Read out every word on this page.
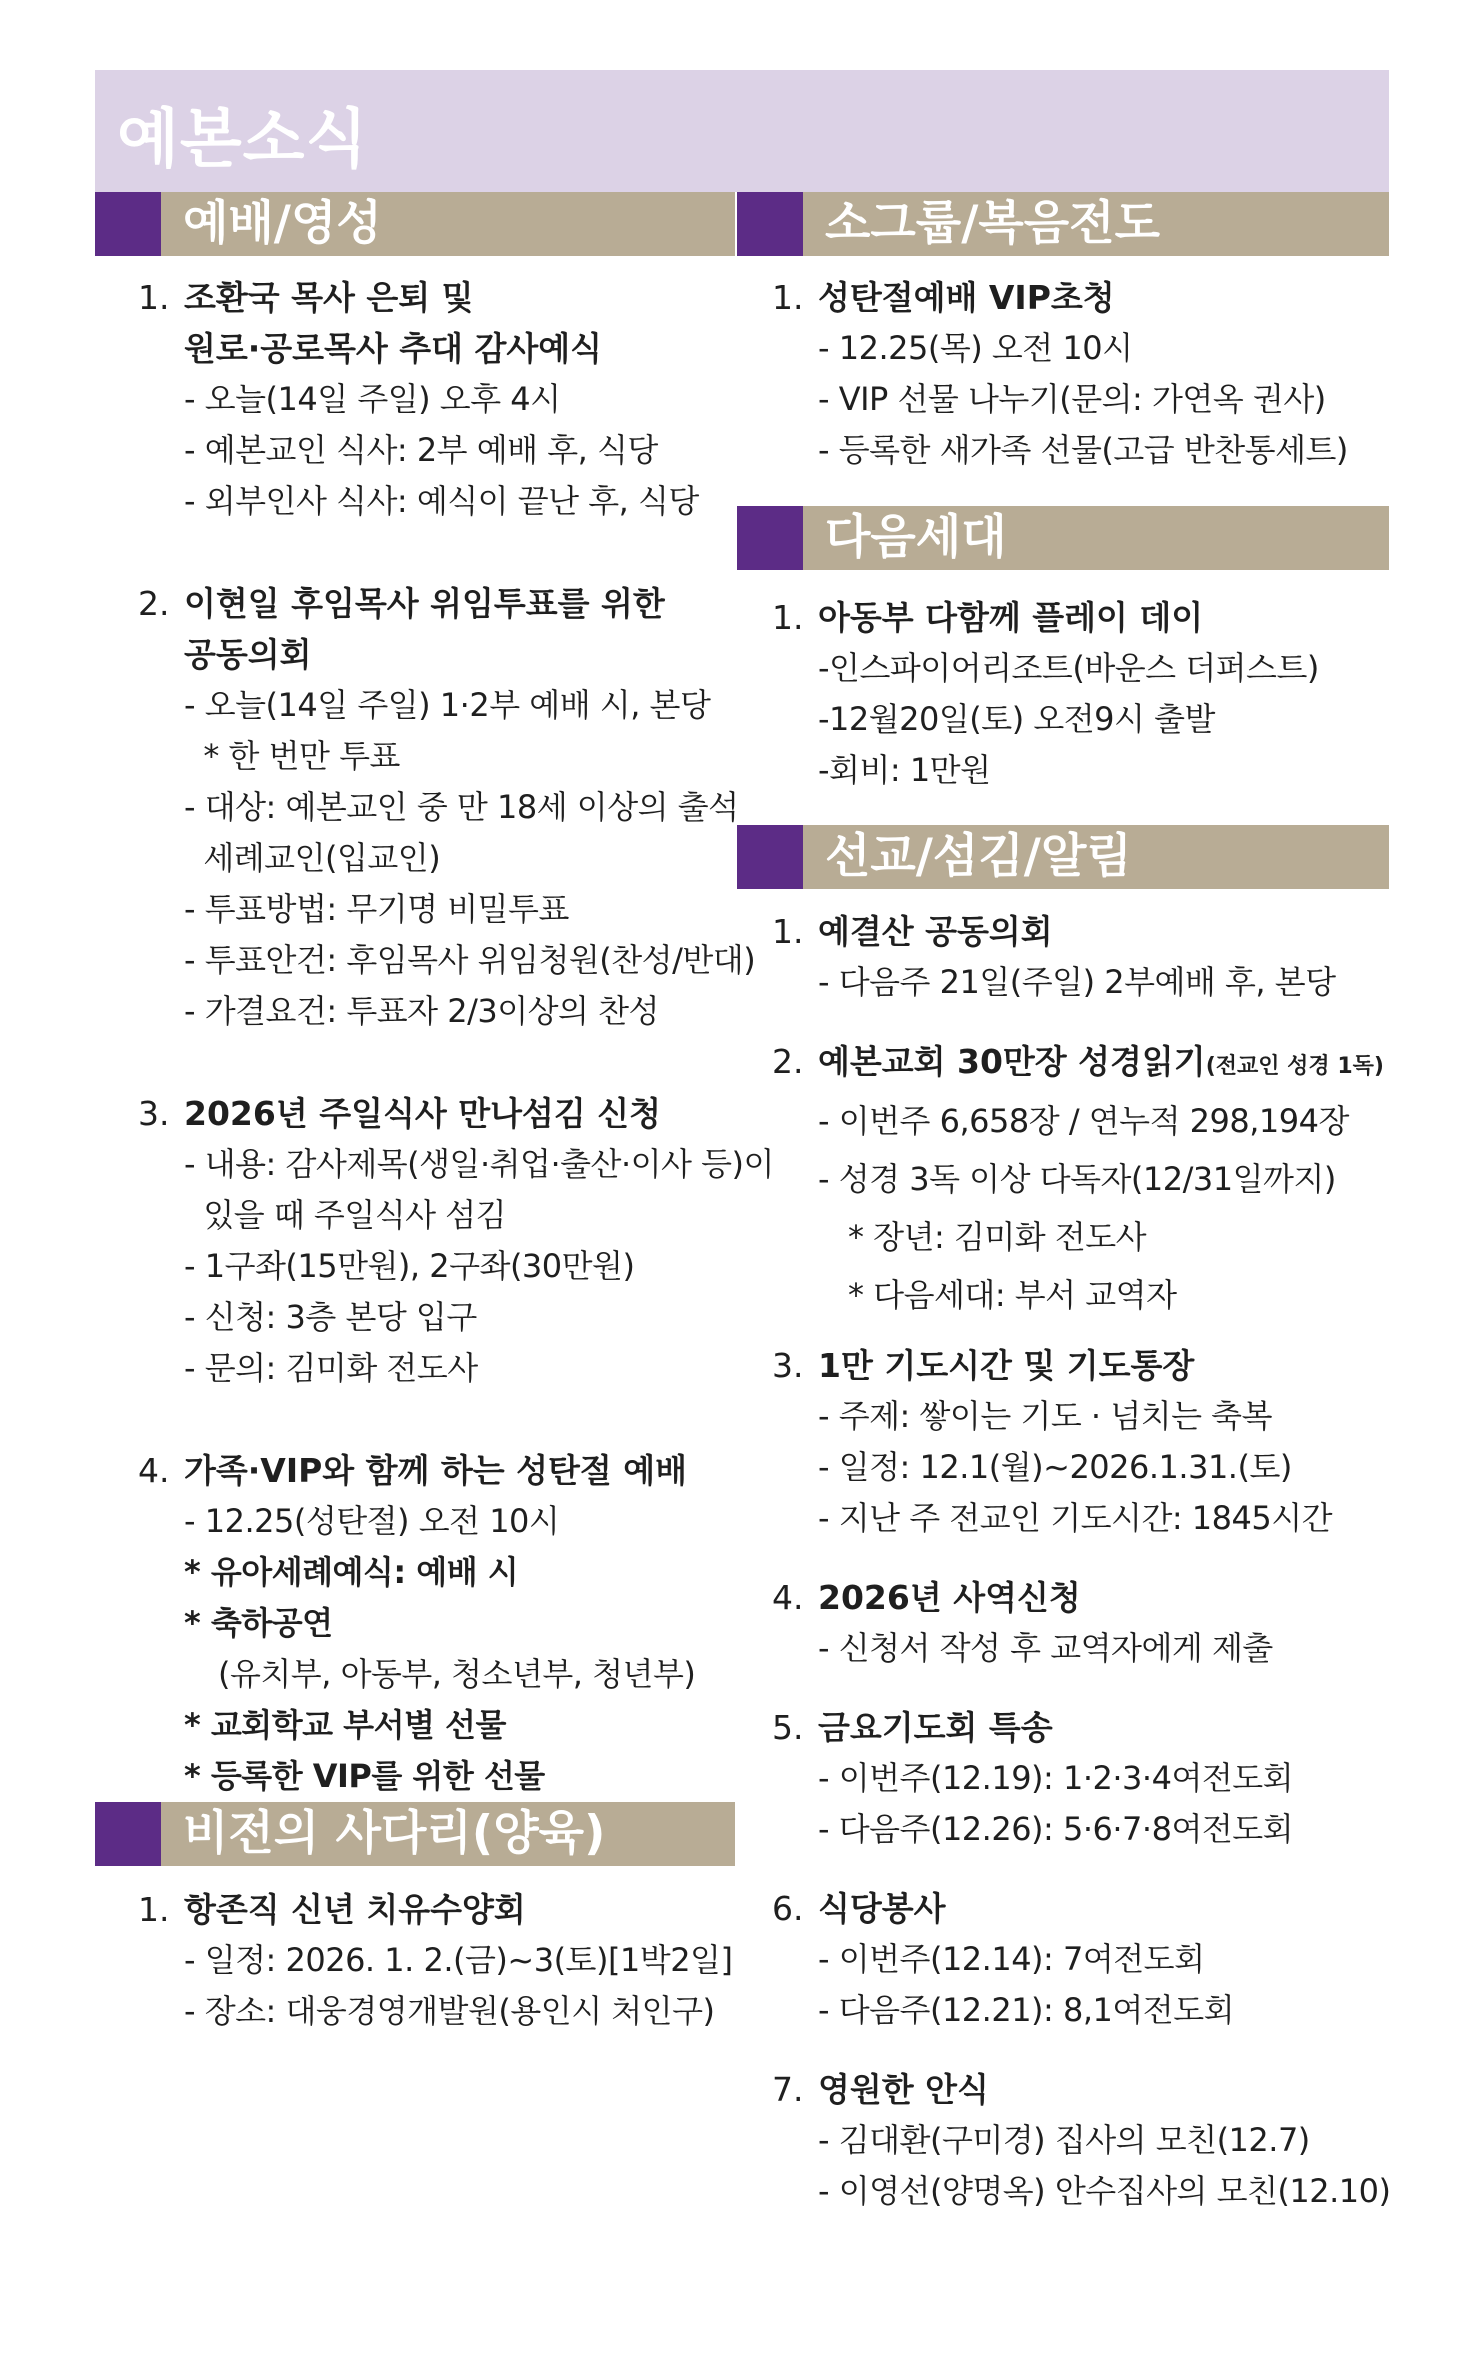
예본소식
예배/영성
비전의 사다리(양육)
소그룹/복음전도
다음세대
선교/섬김/알림
1. 조환국 목사 은퇴 및
원로·공로목사 추대 감사예식
- 오늘(14일 주일) 오후 4시
- 예본교인 식사: 2부 예배 후, 식당
- 외부인사 식사: 예식이 끝난 후, 식당
2. 이현일 후임목사 위임투표를 위한
공동의회
- 오늘(14일 주일) 1·2부 예배 시, 본당
* 한 번만 투표
- 대상: 예본교인 중 만 18세 이상의 출석
세례교인(입교인)
- 투표방법: 무기명 비밀투표
- 투표안건: 후임목사 위임청원(찬성/반대)
- 가결요건: 투표자 2/3이상의 찬성
3. 2026년 주일식사 만나섬김 신청
- 내용: 감사제목(생일·취업·출산·이사 등)이
있을 때 주일식사 섬김
- 1구좌(15만원), 2구좌(30만원)
- 신청: 3층 본당 입구
- 문의: 김미화 전도사
4. 가족·VIP와 함께 하는 성탄절 예배
- 12.25(성탄절) 오전 10시
* 유아세례예식: 예배 시
* 축하공연
(유치부, 아동부, 청소년부, 청년부)
* 교회학교 부서별 선물
* 등록한 VIP를 위한 선물
1. 항존직 신년 치유수양회
- 일정: 2026. 1. 2.(금)~3(토)[1박2일]
- 장소: 대웅경영개발원(용인시 처인구)
1. 성탄절예배 VIP초청
- 12.25(목) 오전 10시
- VIP 선물 나누기(문의: 가연옥 권사)
- 등록한 새가족 선물(고급 반찬통세트)
1. 아동부 다함께 플레이 데이
-인스파이어리조트(바운스 더퍼스트)
-12월20일(토) 오전9시 출발
-회비: 1만원
1. 예결산 공동의회
- 다음주 21일(주일) 2부예배 후, 본당
2. 예본교회 30만장 성경읽기(전교인 성경 1독)
- 이번주 6,658장 / 연누적 298,194장
- 성경 3독 이상 다독자(12/31일까지)
* 장년: 김미화 전도사
* 다음세대: 부서 교역자
3. 1만 기도시간 및 기도통장
- 주제: 쌓이는 기도 · 넘치는 축복
- 일정: 12.1(월)~2026.1.31.(토)
- 지난 주 전교인 기도시간: 1845시간
4. 2026년 사역신청
- 신청서 작성 후 교역자에게 제출
5. 금요기도회 특송
- 이번주(12.19): 1·2·3·4여전도회
- 다음주(12.26): 5·6·7·8여전도회
6. 식당봉사
- 이번주(12.14): 7여전도회
- 다음주(12.21): 8,1여전도회
7. 영원한 안식
- 김대환(구미경) 집사의 모친(12.7)
- 이영선(양명옥) 안수집사의 모친(12.10)
